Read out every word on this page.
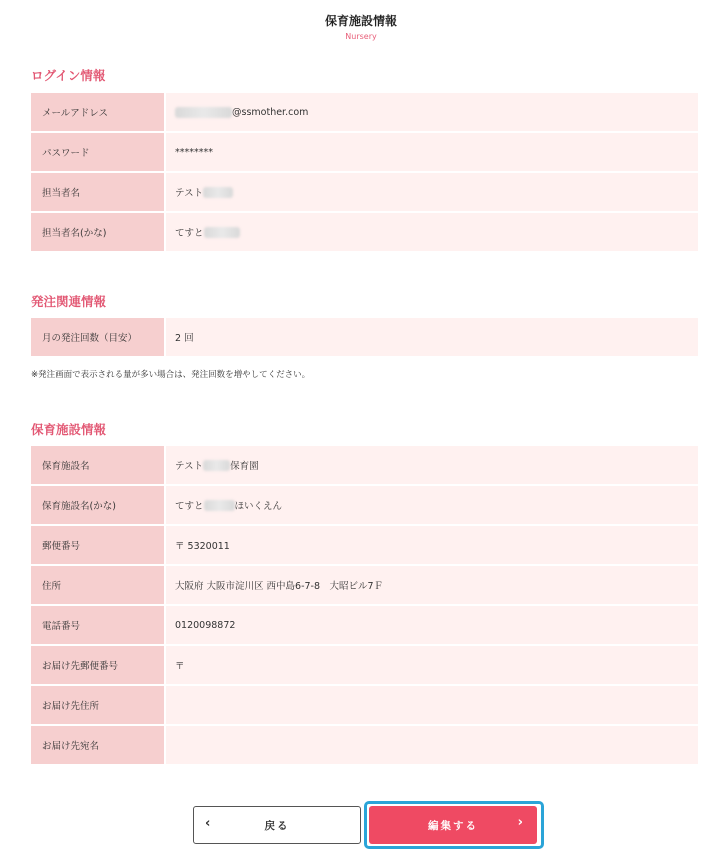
保育施設情報
Nursery
ログイン情報
メールアドレス	@ssmother.com
パスワード	********
担当者名	テスト
担当者名(かな)	てすと
発注関連情報
月の発注回数（目安）	2 回
※発注画面で表示される量が多い場合は、発注回数を増やしてください。
保育施設情報
保育施設名	テスト	保育園
保育施設名(かな)	てすと	ほいくえん
郵便番号	〒 5320011
住所	大阪府 大阪市淀川区 西中島6-7-8　大昭ビル7Ｆ
電話番号	0120098872
お届け先郵便番号	〒
お届け先住所
お届け先宛名
‹	戻る	編集する	›
